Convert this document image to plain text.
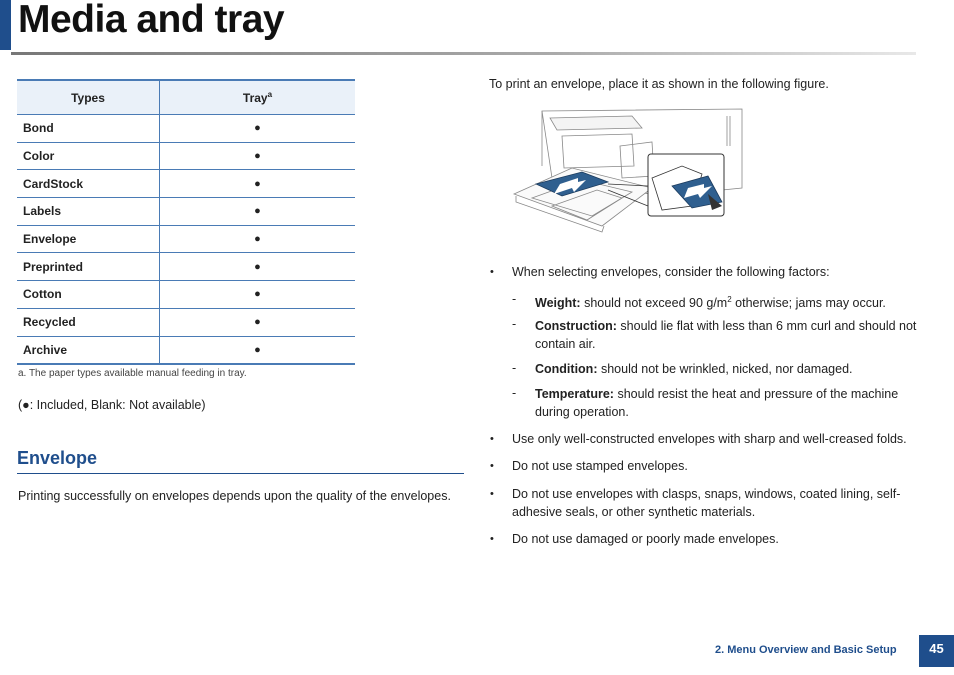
Media and tray
Types	Tray$^a$
Bond	●
Color	●
CardStock	●
Labels	●
Envelope	●
Preprinted	●
Cotton	●
Recycled	●
Archive	●
a. The paper types available manual feeding in tray.
(●: Included, Blank: Not available)
Envelope
Printing successfully on envelopes depends upon the quality of the envelopes.
To print an envelope, place it as shown in the following figure.
• When selecting envelopes, consider the following factors:
- Weight: should not exceed 90 $g/m^2$ otherwise; jams may occur.
- Construction: should lie flat with less than 6 mm curl and should not
contain air.
- Condition: should not be wrinkled, nicked, nor damaged.
- Temperature: should resist the heat and pressure of the machine
during operation.
• Use only well-constructed envelopes with sharp and well-creased folds.
• Do not use stamped envelopes.
• Do not use envelopes with clasps, snaps, windows, coated lining, self-
adhesive seals, or other synthetic materials.
• Do not use damaged or poorly made envelopes.
2. Menu Overview and Basic Setup	45
